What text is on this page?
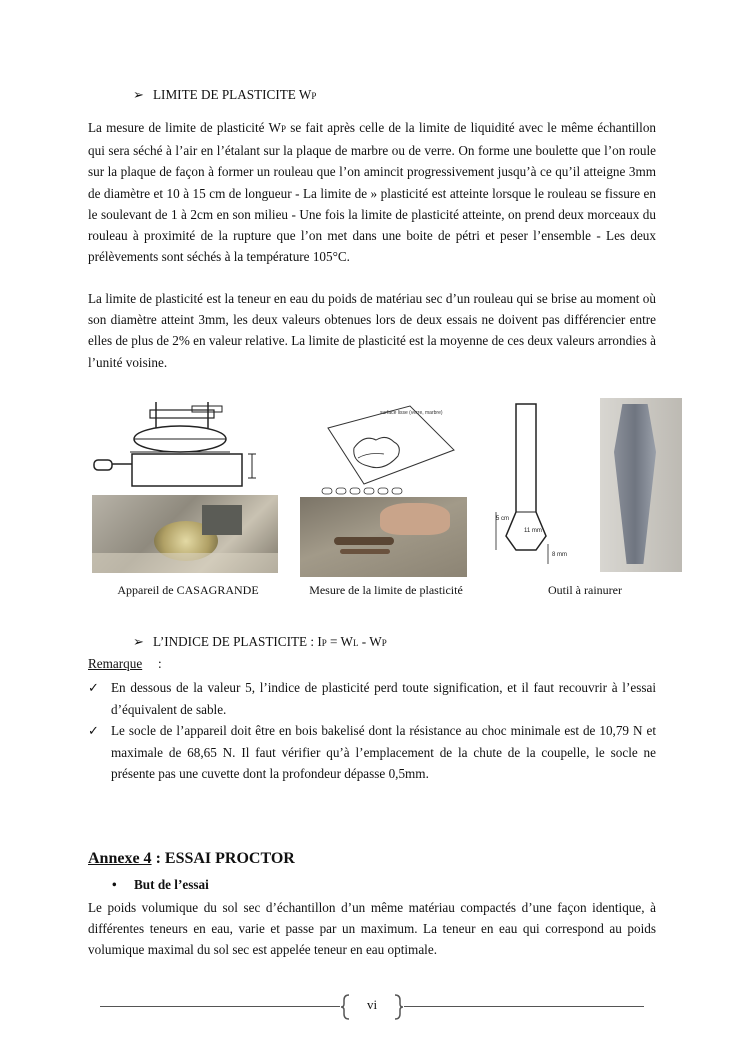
➢ LIMITE DE PLASTICITE WP

La mesure de limite de plasticité WP se fait après celle de la limite de liquidité avec le même échantillon qui sera séché à l’air en l’étalant sur la plaque de marbre ou de verre. On forme une boulette que l’on roule sur la plaque de façon à former un rouleau que l’on amincit progressivement jusqu’à ce qu’il atteigne 3mm de diamètre et 10 à 15 cm de longueur - La limite de » plasticité est atteinte lorsque le rouleau se fissure en le soulevant de 1 à 2cm en son milieu - Une fois la limite de plasticité atteinte, on prend deux morceaux du rouleau à proximité de la rupture que l’on met dans une boite de pétri et peser l’ensemble - Les deux prélèvements sont séchés à la température 105°C.

La limite de plasticité est la teneur en eau du poids de matériau sec d’un rouleau qui se brise au moment où son diamètre atteint 3mm, les deux valeurs obtenues lors de deux essais ne doivent pas différencier entre elles de plus de 2% en valeur relative. La limite de plasticité est la moyenne de ces deux valeurs arrondies à l’unité voisine.

surface lisse (verre, marbre)
5 cm
11 mm
8 mm
Appareil de CASAGRANDE	Mesure de la limite de plasticité	Outil à rainurer
➢ L’INDICE DE PLASTICITE : IP = WL - WP
Remarque :
✓ En dessous de la valeur 5, l’indice de plasticité perd toute signification, et il faut recouvrir à l’essai d’équivalent de sable.
✓ Le socle de l’appareil doit être en bois bakelisé dont la résistance au choc minimale est de 10,79 N et maximale de 68,65 N. Il faut vérifier qu’à l’emplacement de la chute de la coupelle, le socle ne présente pas une cuvette dont la profondeur dépasse 0,5mm.
Annexe 4 : ESSAI PROCTOR
• But de l’essai

Le poids volumique du sol sec d’échantillon d’un même matériau compactés d’une façon identique, à différentes teneurs en eau, varie et passe par un maximum. La teneur en eau qui correspond au poids volumique maximal du sol sec est appelée teneur en eau optimale.

vi
